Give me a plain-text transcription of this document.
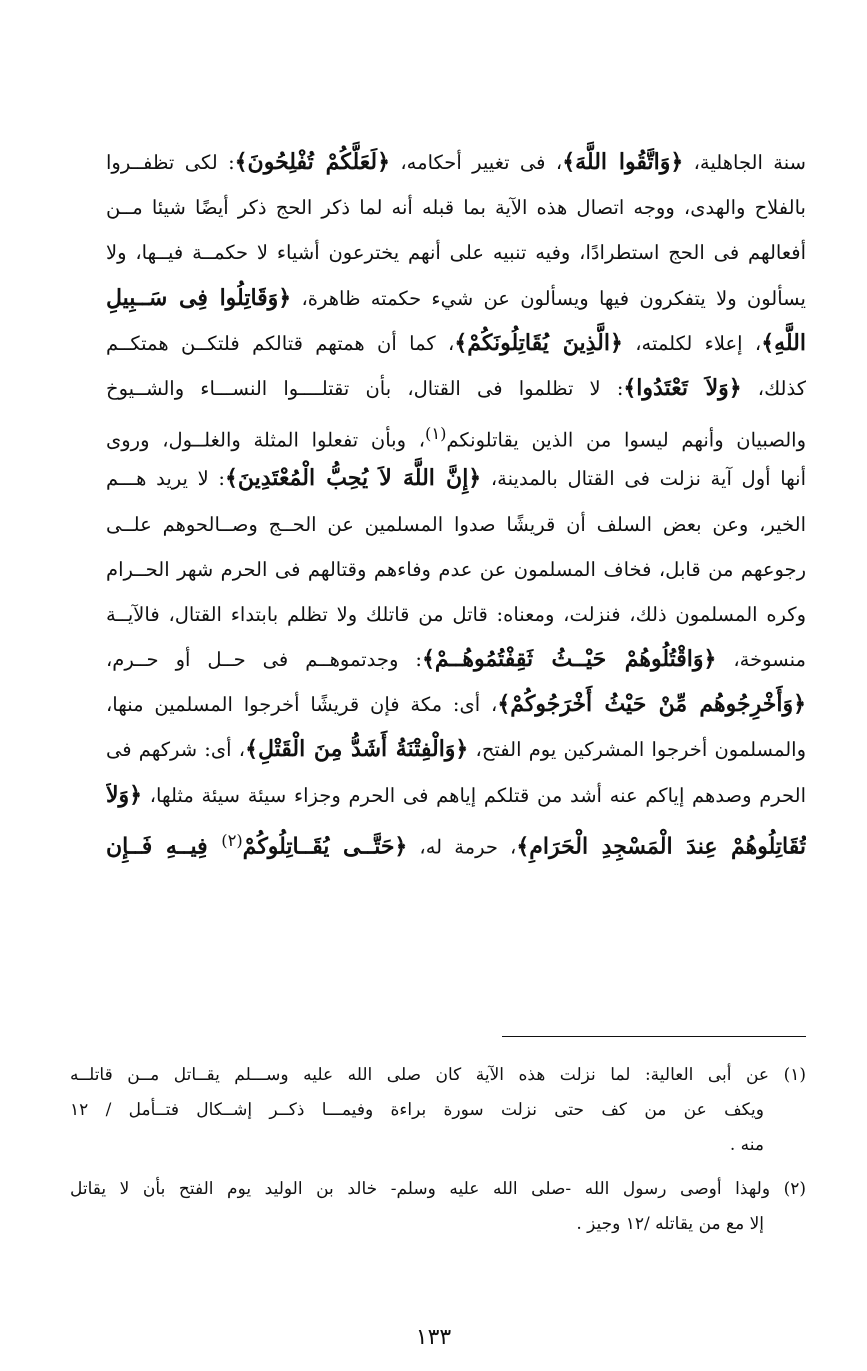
سنة الجاهلية، ﴿وَاتَّقُوا اللَّهَ﴾، فى تغيير أحكامه، ﴿لَعَلَّكُمْ تُفْلِحُونَ﴾: لكى تظفــروا
بالفلاح والهدى، ووجه اتصال هذه الآية بما قبله أنه لما ذكر الحج ذكر أيضًا شيئا مــن
أفعالهم فى الحج استطرادًا، وفيه تنبيه على أنهم يخترعون أشياء لا حكمــة فيــها، ولا
يسألون ولا يتفكرون فيها ويسألون عن شيء حكمته ظاهرة، ﴿وَقَاتِلُوا فِى سَــبِيلِ
اللَّهِ﴾، إعلاء لكلمته، ﴿الَّذِينَ يُقَاتِلُونَكُمْ﴾، كما أن همتهم قتالكم فلتكــن همتكــم
كذلك، ﴿وَلاَ تَعْتَدُوا﴾: لا تظلموا فى القتال، بأن تقتلــــوا النســـاء والشــيوخ
والصبيان وأنهم ليسوا من الذين يقاتلونكم$^{(١)}$، وبأن تفعلوا المثلة والغلــول، وروى
أنها أول آية نزلت فى القتال بالمدينة، ﴿إِنَّ اللَّهَ لاَ يُحِبُّ الْمُعْتَدِينَ﴾: لا يريد هـــم
الخير، وعن بعض السلف أن قريشًا صدوا المسلمين عن الحــج وصــالحوهم علــى
رجوعهم من قابل، فخاف المسلمون عن عدم وفاءهم وقتالهم فى الحرم شهر الحــرام
وكره المسلمون ذلك، فنزلت، ومعناه: قاتل من قاتلك ولا تظلم بابتداء القتال، فالآيــة
منسوخة، ﴿وَاقْتُلُوهُمْ حَيْــثُ ثَقِفْتُمُوهُــمْ﴾: وجدتموهــم فى حــل أو حــرم،
﴿وَأَخْرِجُوهُم مِّنْ حَيْثُ أَخْرَجُوكُمْ﴾، أى: مكة فإن قريشًا أخرجوا المسلمين منها،
والمسلمون أخرجوا المشركين يوم الفتح، ﴿وَالْفِتْنَةُ أَشَدُّ مِنَ الْقَتْلِ﴾، أى: شركهم فى
الحرم وصدهم إياكم عنه أشد من قتلكم إياهم فى الحرم وجزاء سيئة سيئة مثلها، ﴿وَلاَ
تُقَاتِلُوهُمْ عِندَ الْمَسْجِدِ الْحَرَامِ﴾، حرمة له، ﴿حَتَّــى يُقَــاتِلُوكُمْ$^{(٢)}$ فِيــهِ فَــإِن
(١) عن أبى العالية: لما نزلت هذه الآية كان صلى الله عليه وســـلم يقــاتل مــن قاتلــه
ويكف عن من كف حتى نزلت سورة براءة وفيمـــا ذكــر إشــكال فتــأمل / ١٢
منه .
(٢) ولهذا أوصى رسول الله -صلى الله عليه وسلم- خالد بن الوليد يوم الفتح بأن لا يقاتل
إلا مع من يقاتله /١٢ وجيز .
١٣٣
